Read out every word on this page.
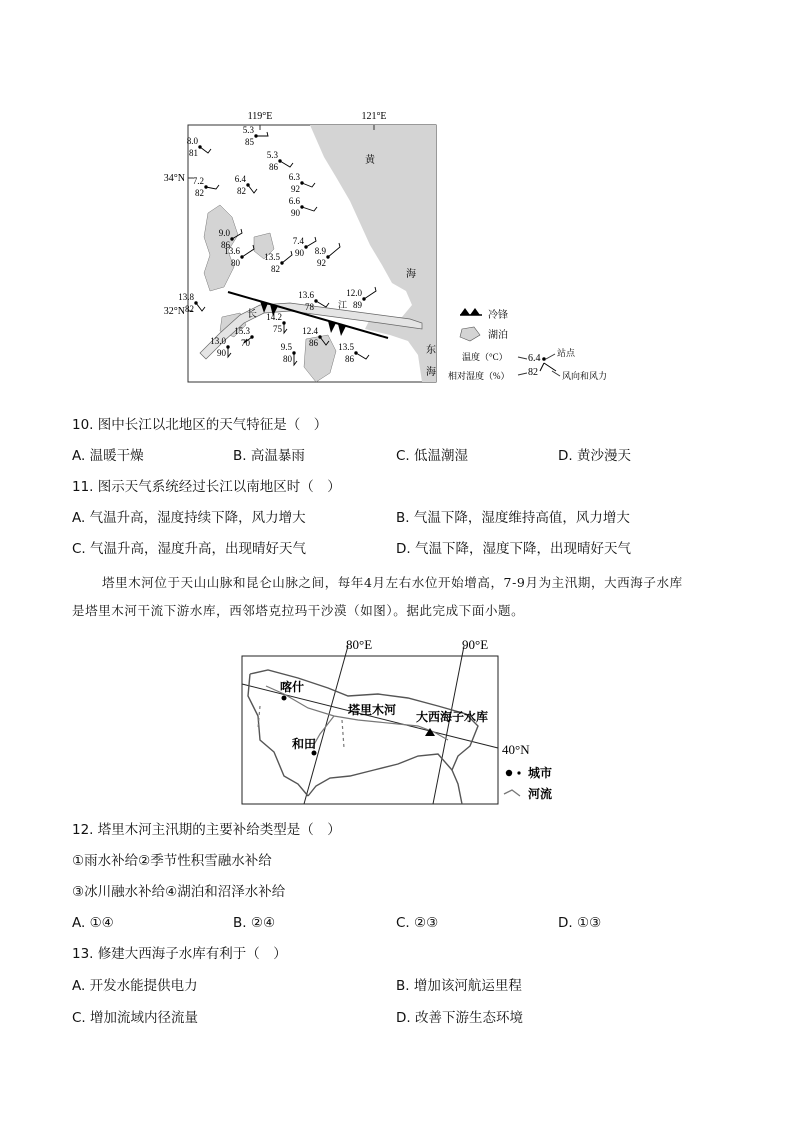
119°E	121°E
34°N
32°N
黄
海
东
海
长
江
5.3
85
8.0
81	5.3
86
7.2
82
6.4
82
6.3
92
6.6
90
9.0
86	7.4
90
13.6
80
13.5
82
8.9
92
13.8
82
13.6
78
12.0
89
14.2
75
15.3
70
12.4
86
13.0
90
9.5
80
13.5
86
冷锋
湖泊
温度（°C） 6.4 站点
相对湿度（%） 82	风向和风力
10. 图中长江以北地区的天气特征是（　）
A. 温暖干燥	B. 高温暴雨	C. 低温潮湿	D. 黄沙漫天
11. 图示天气系统经过长江以南地区时（　）
A. 气温升高，湿度持续下降，风力增大	B. 气温下降，湿度维持高值，风力增大
C. 气温升高，湿度升高，出现晴好天气	D. 气温下降，湿度下降，出现晴好天气
塔里木河位于天山山脉和昆仑山脉之间，每年4月左右水位开始增高，7-9月为主汛期，大西海子水库
是塔里木河干流下游水库，西邻塔克拉玛干沙漠（如图）。据此完成下面小题。
80°E	90°E
40°N
喀什
塔里木河 大西海子水库
和田
城市
河流
12. 塔里木河主汛期的主要补给类型是（　）
①雨水补给②季节性积雪融水补给
③冰川融水补给④湖泊和沼泽水补给
A. ①④	B. ②④	C. ②③	D. ①③
13. 修建大西海子水库有利于（　）
A. 开发水能提供电力	B. 增加该河航运里程
C. 增加流域内径流量	D. 改善下游生态环境
